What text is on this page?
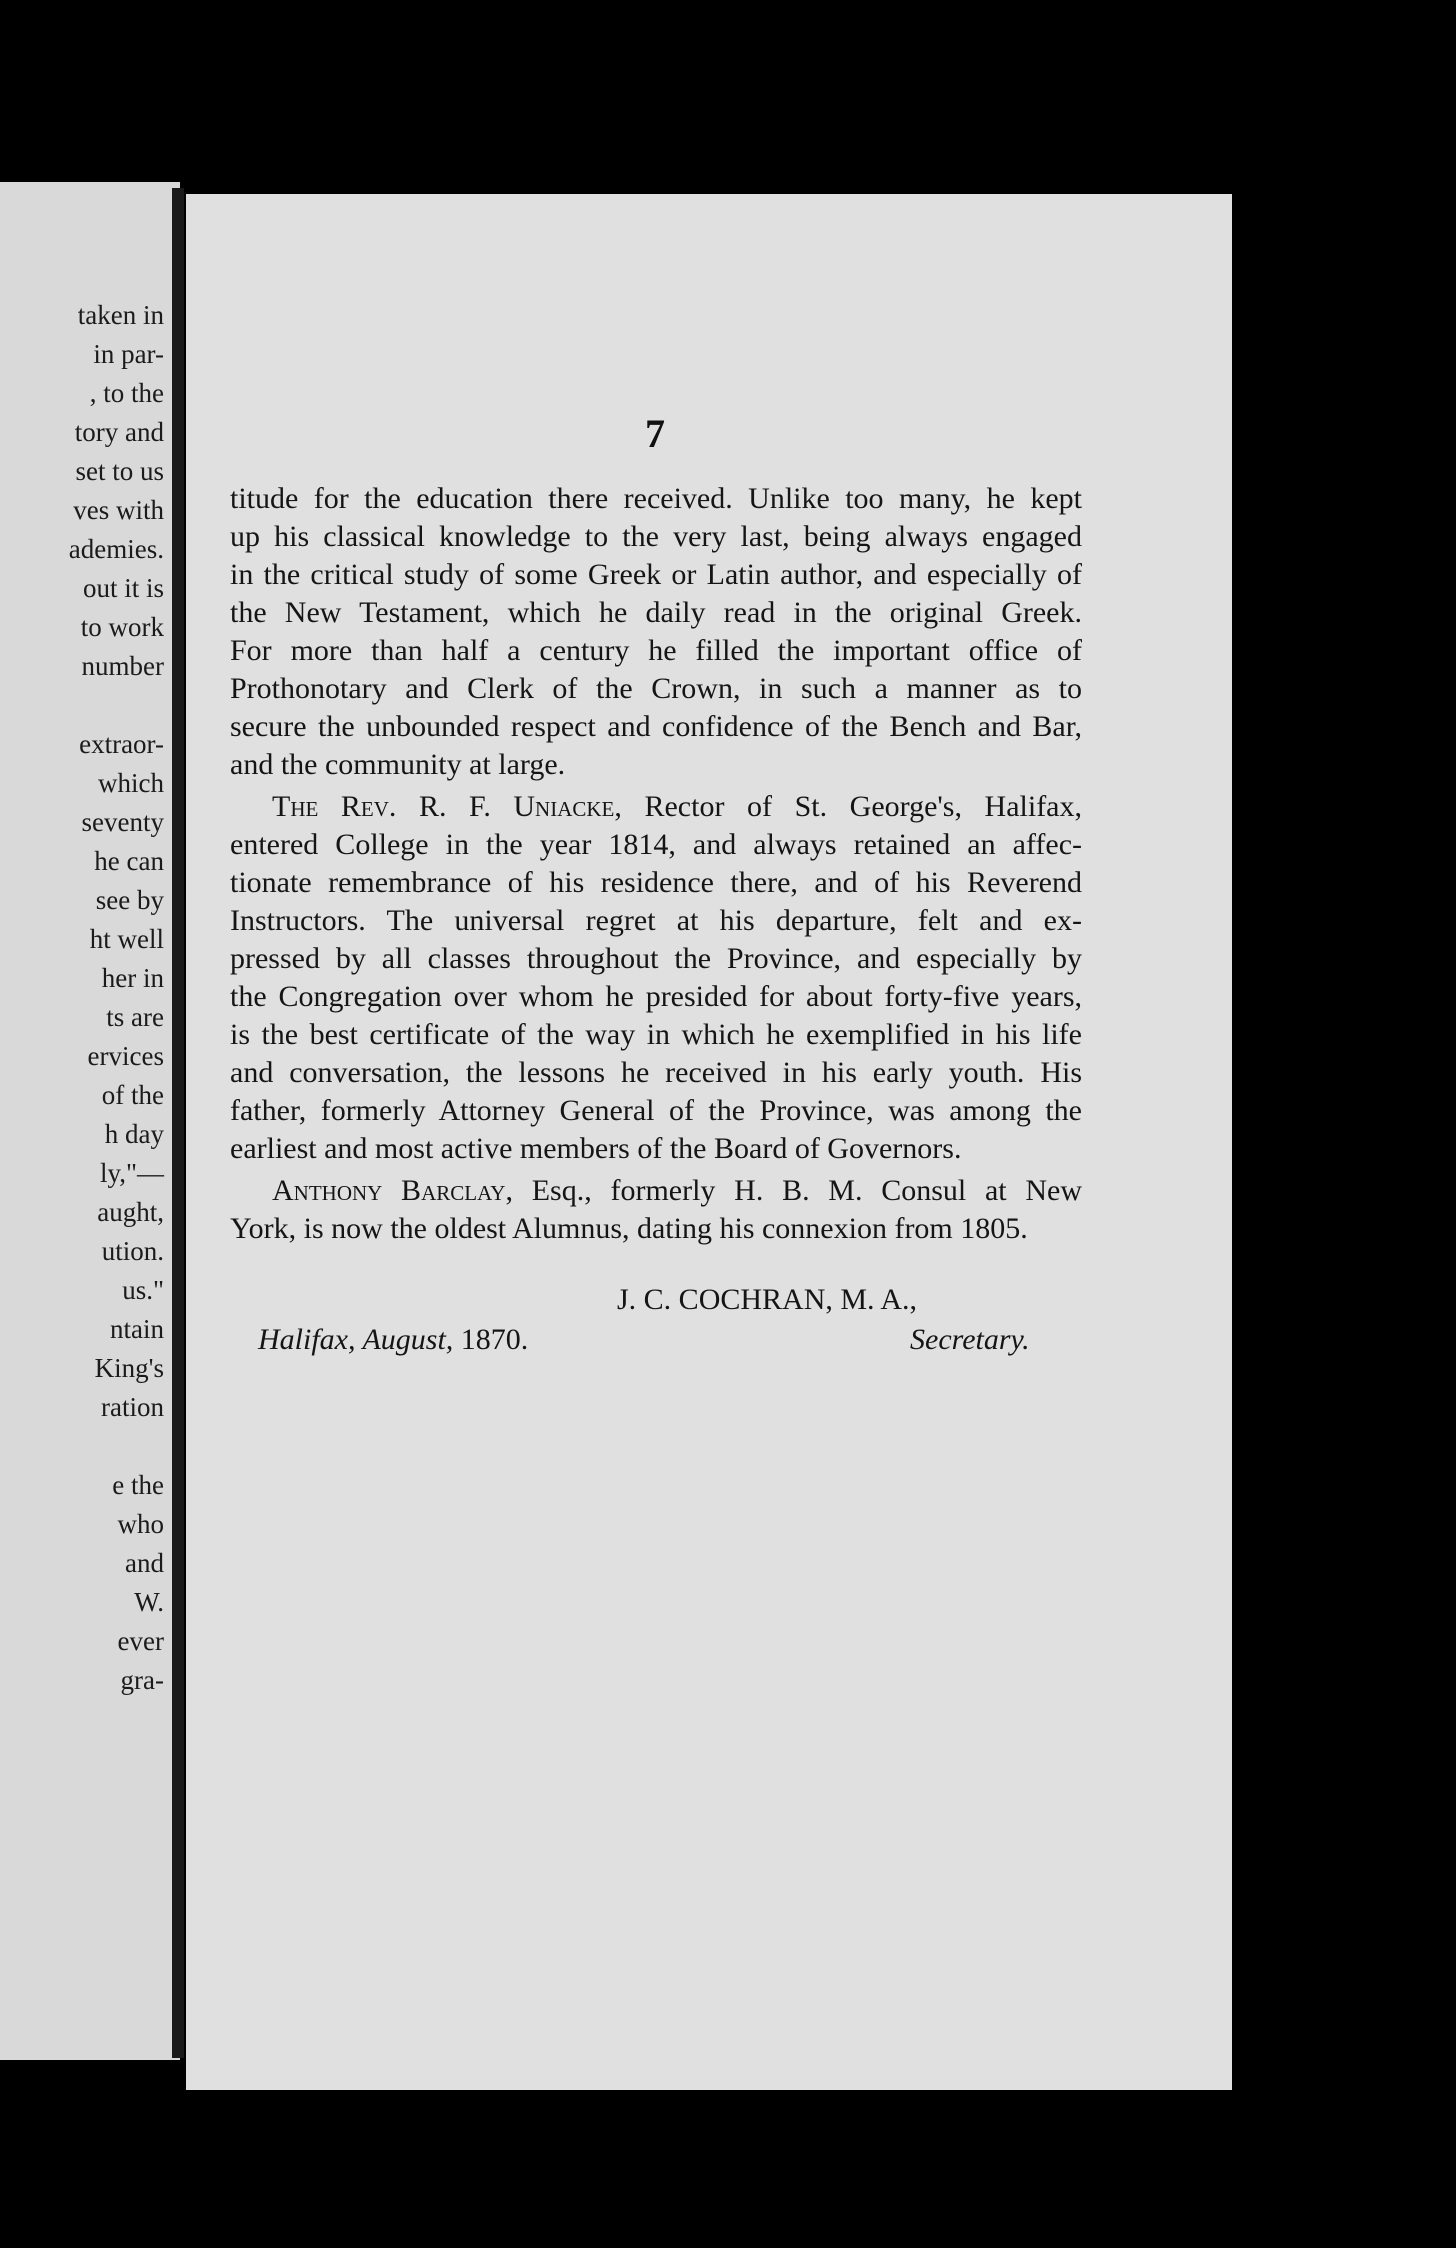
taken in
in par-
, to the
tory and
set to us
ves with
ademies.
out it is
to work
number
extraor-
which
seventy
he can
see by
ht well
her in
ts are
ervices
of the
h day
ly,"—
aught,
ution.
us."
ntain
King's
ration
e the
who
and
W.
ever
gra-

7
titude for the education there received. Unlike too many, he kept
up his classical knowledge to the very last, being always engaged
in the critical study of some Greek or Latin author, and especially of
the New Testament, which he daily read in the original Greek.
For more than half a century he filled the important office of
Prothonotary and Clerk of the Crown, in such a manner as to
secure the unbounded respect and confidence of the Bench and Bar,
and the community at large.
The Rev. R. F. Uniacke, Rector of St. George's, Halifax,
entered College in the year 1814, and always retained an affec-
tionate remembrance of his residence there, and of his Reverend
Instructors. The universal regret at his departure, felt and ex-
pressed by all classes throughout the Province, and especially by
the Congregation over whom he presided for about forty-five years,
is the best certificate of the way in which he exemplified in his life
and conversation, the lessons he received in his early youth. His
father, formerly Attorney General of the Province, was among the
earliest and most active members of the Board of Governors.
Anthony Barclay, Esq., formerly H. B. M. Consul at New
York, is now the oldest Alumnus, dating his connexion from 1805.
J. C. COCHRAN, M. A.,
Halifax, August, 1870.	Secretary.
